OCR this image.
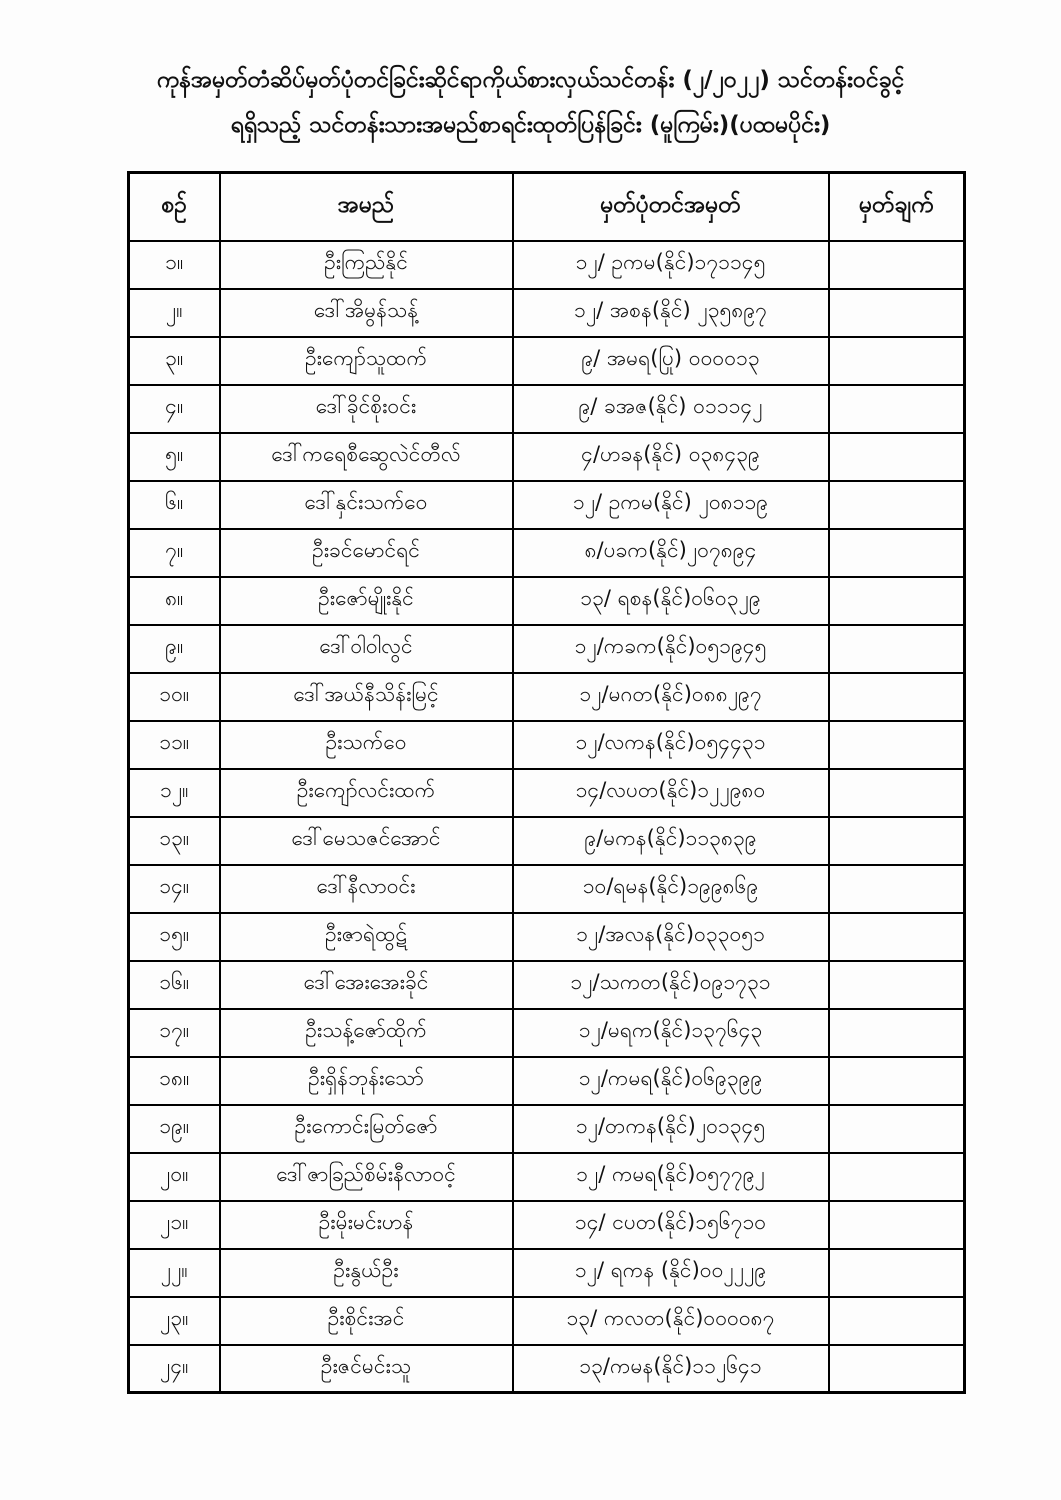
ကုန်အမှတ်တံဆိပ်မှတ်ပုံတင်ခြင်းဆိုင်ရာကိုယ်စားလှယ်သင်တန်း (၂/၂၀၂၂) သင်တန်းဝင်ခွင့်
ရရှိသည့် သင်တန်းသားအမည်စာရင်းထုတ်ပြန်ခြင်း (မူကြမ်း)(ပထမပိုင်း)
စဉ်	အမည်	မှတ်ပုံတင်အမှတ်	မှတ်ချက်
၁။	ဦးကြည်နိုင်	၁၂/ ဥကမ(နိုင်)၁၇၁၁၄၅	
၂။	ဒေါ်အိမွန်သန့်	၁၂/ အစန(နိုင်) ၂၃၅၈၉၇	
၃။	ဦးကျော်သူထက်	၉/ အမရ(ပြု) ၀၀၀၀၁၃	
၄။	ဒေါ်ခိုင်စိုးဝင်း	၉/ ခအဇ(နိုင်) ၀၁၁၁၄၂	
၅။	ဒေါ်ကရေစီဆွေလဲင်တီလ်	၄/ဟခန(နိုင်) ၀၃၈၄၃၉	
၆။	ဒေါ်နှင်းသက်ဝေ	၁၂/ ဥကမ(နိုင်) ၂၀၈၁၁၉	
၇။	ဦးခင်မောင်ရင်	၈/ပခက(နိုင်)၂၀၇၈၉၄	
၈။	ဦးဇော်မျိုးနိုင်	၁၃/ ရစန(နိုင်)၀၆၀၃၂၉	
၉။	ဒေါ်ဝါဝါလွင်	၁၂/ကခက(နိုင်)၀၅၁၉၄၅	
၁၀။	ဒေါ်အယ်နီသိန်းမြင့်	၁၂/မဂတ(နိုင်)၀၈၈၂၉၇	
၁၁။	ဦးသက်ဝေ	၁၂/လကန(နိုင်)၀၅၄၄၃၁	
၁၂။	ဦးကျော်လင်းထက်	၁၄/လပတ(နိုင်)၁၂၂၉၈၀	
၁၃။	ဒေါ်မေသဇင်အောင်	၉/မကန(နိုင်)၁၁၃၈၃၉	
၁၄။	ဒေါ်နီလာဝင်း	၁၀/ရမန(နိုင်)၁၉၉၈၆၉	
၁၅။	ဦးဇာရဲထွဋ်	၁၂/အလန(နိုင်)၀၃၃၀၅၁	
၁၆။	ဒေါ်အေးအေးခိုင်	၁၂/သကတ(နိုင်)၀၉၁၇၃၁	
၁၇။	ဦးသန့်ဇော်ထိုက်	၁၂/မရက(နိုင်)၁၃၇၆၄၃	
၁၈။	ဦးရှိန်ဘုန်းသော်	၁၂/ကမရ(နိုင်)၀၆၉၃၉၉	
၁၉။	ဦးကောင်းမြတ်ဇော်	၁၂/တကန(နိုင်)၂၀၁၃၄၅	
၂၀။	ဒေါ်ဇာခြည်စိမ်းနီလာဝင့်	၁၂/ ကမရ(နိုင်)၀၅၇၇၉၂	
၂၁။	ဦးမိုးမင်းဟန်	၁၄/ ငပတ(နိုင်)၁၅၆၇၁၀	
၂၂။	ဦးနွယ်ဦး	၁၂/ ရကန (နိုင်)၀၀၂၂၂၉	
၂၃။	ဦးစိုင်းအင်	၁၃/ ကလတ(နိုင်)၀၀၀၀၈၇	
၂၄။	ဦးဇင်မင်းသူ	၁၃/ကမန(နိုင်)၁၁၂၆၄၁	
